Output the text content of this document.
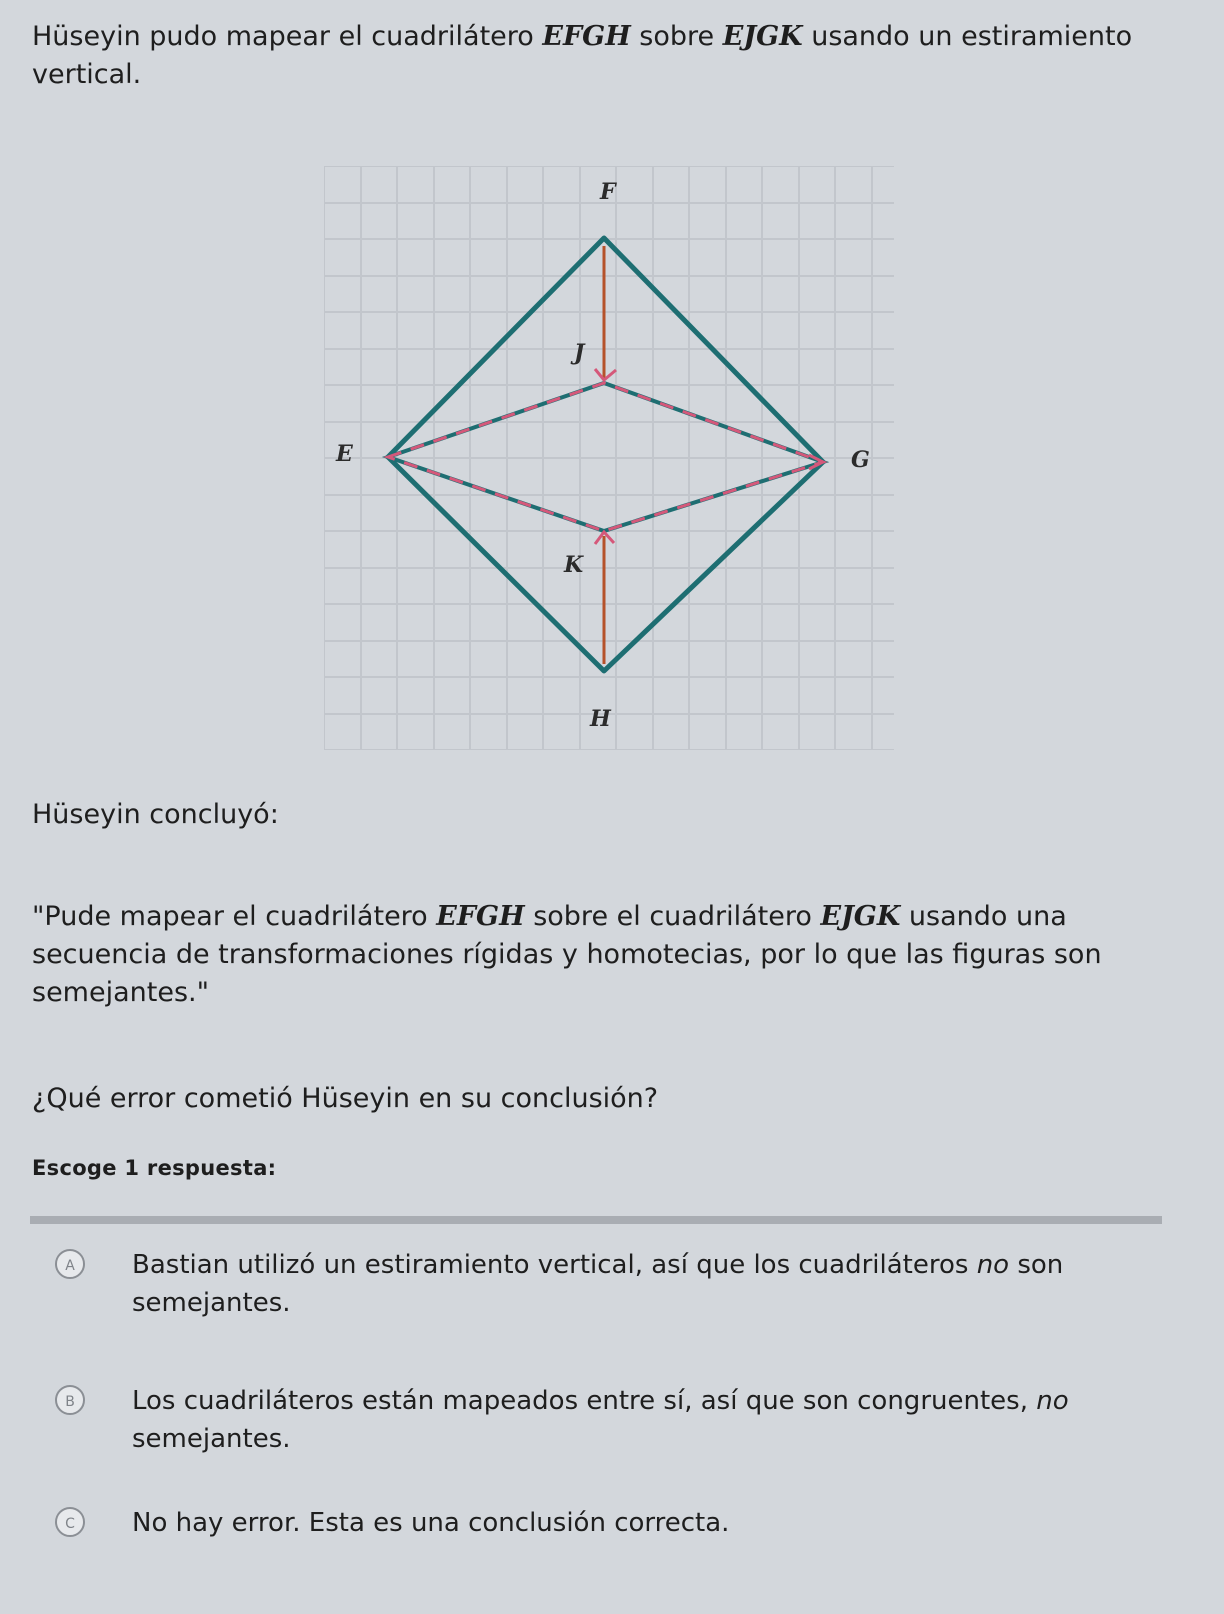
Hüseyin pudo mapear el cuadrilátero EFGH sobre EJGK usando un estiramiento vertical.
F
J
E	G
K
H
Hüseyin concluyó:
"Pude mapear el cuadrilátero EFGH sobre el cuadrilátero EJGK usando una secuencia de transformaciones rígidas y homotecias, por lo que las figuras son semejantes."
¿Qué error cometió Hüseyin en su conclusión?
Escoge 1 respuesta:
A	Bastian utilizó un estiramiento vertical, así que los cuadriláteros no son semejantes.
B	Los cuadriláteros están mapeados entre sí, así que son congruentes, no semejantes.
C	No hay error. Esta es una conclusión correcta.
